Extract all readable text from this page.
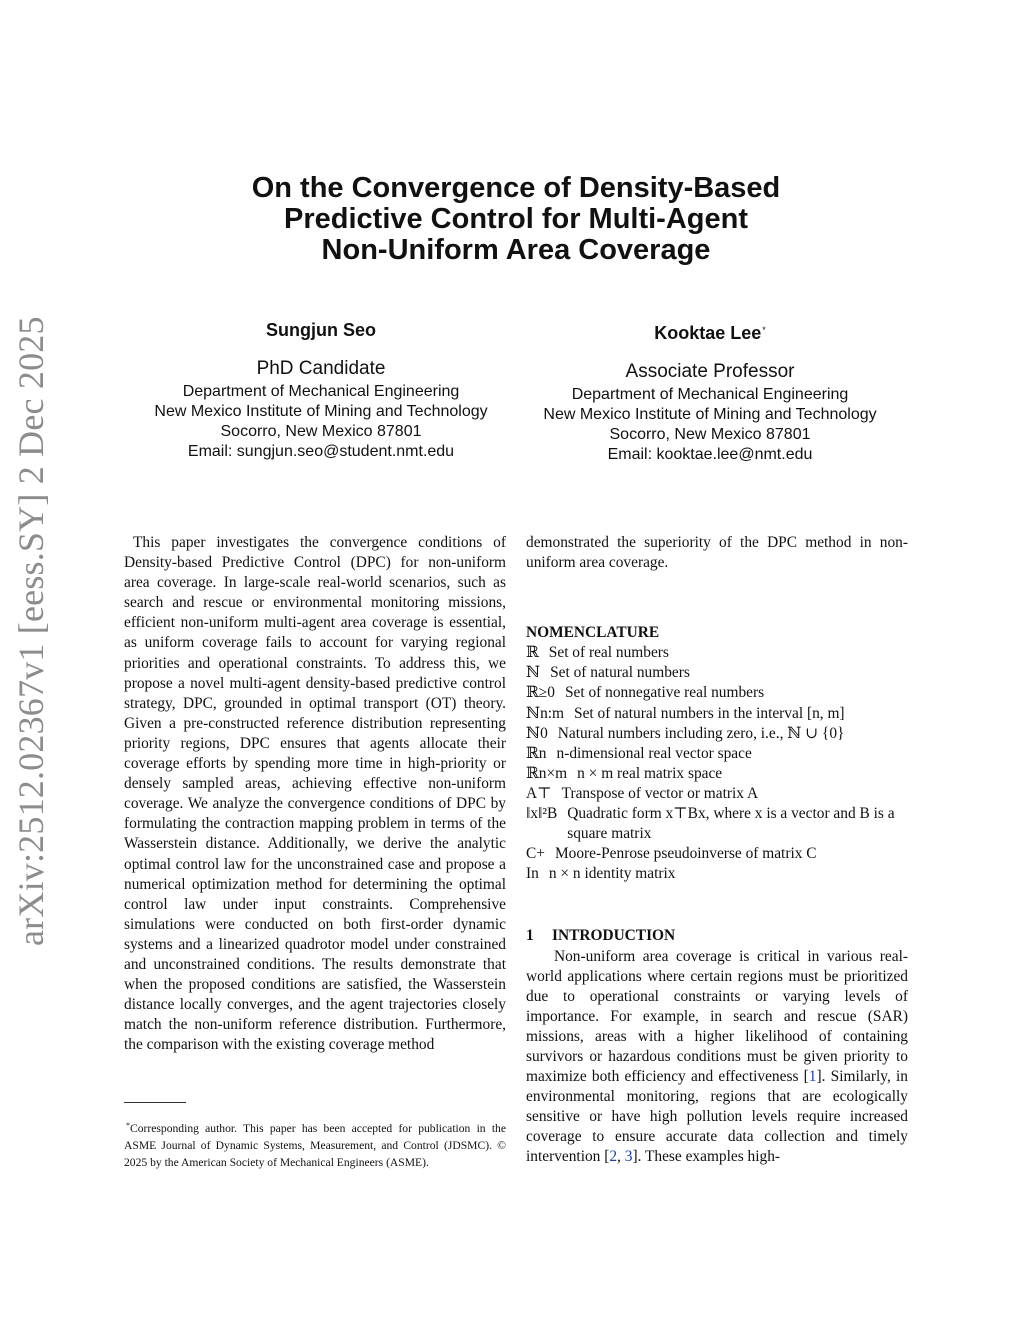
arXiv:2512.02367v1 [eess.SY] 2 Dec 2025
On the Convergence of Density-Based
Predictive Control for Multi-Agent
Non-Uniform Area Coverage
Sungjun Seo
PhD Candidate
Department of Mechanical Engineering
New Mexico Institute of Mining and Technology
Socorro, New Mexico 87801
Email: sungjun.seo@student.nmt.edu
Kooktae Lee*
Associate Professor
Department of Mechanical Engineering
New Mexico Institute of Mining and Technology
Socorro, New Mexico 87801
Email: kooktae.lee@nmt.edu

This paper investigates the convergence conditions of Density-based Predictive Control (DPC) for non-uniform area coverage. In large-scale real-world scenarios, such as search and rescue or environmental monitoring missions, efficient non-uniform multi-agent area coverage is essential, as uniform coverage fails to account for varying regional priorities and operational constraints. To address this, we propose a novel multi-agent density-based predictive control strategy, DPC, grounded in optimal transport (OT) theory. Given a pre-constructed reference distribution representing priority regions, DPC ensures that agents allocate their coverage efforts by spending more time in high-priority or densely sampled areas, achieving effective non-uniform coverage. We analyze the convergence conditions of DPC by formulating the contraction mapping problem in terms of the Wasserstein distance. Additionally, we derive the analytic optimal control law for the unconstrained case and propose a numerical optimization method for determining the optimal control law under input constraints. Comprehensive simulations were conducted on both first-order dynamic systems and a linearized quadrotor model under constrained and unconstrained conditions. The results demonstrate that when the proposed conditions are satisfied, the Wasserstein distance locally converges, and the agent trajectories closely match the non-uniform reference distribution. Furthermore, the comparison with the existing coverage method

demonstrated the superiority of the DPC method in non-uniform area coverage.

NOMENCLATURE
ℝ Set of real numbers
ℕ Set of natural numbers
ℝ≥0 Set of nonnegative real numbers
ℕn:m Set of natural numbers in the interval [n, m]
ℕ0 Natural numbers including zero, i.e., ℕ ∪ {0}
ℝn n-dimensional real vector space
ℝn×m n × m real matrix space
A⊤ Transpose of vector or matrix A
‖x‖²B Quadratic form x⊤Bx, where x is a vector and B is a square matrix
C+ Moore-Penrose pseudoinverse of matrix C
In n × n identity matrix
1 INTRODUCTION

Non-uniform area coverage is critical in various real-world applications where certain regions must be prioritized due to operational constraints or varying levels of importance. For example, in search and rescue (SAR) missions, areas with a higher likelihood of containing survivors or hazardous conditions must be given priority to maximize both efficiency and effectiveness [1]. Similarly, in environmental monitoring, regions that are ecologically sensitive or have high pollution levels require increased coverage to ensure accurate data collection and timely intervention [2, 3]. These examples high-

*Corresponding author. This paper has been accepted for publication in the ASME Journal of Dynamic Systems, Measurement, and Control (JDSMC). © 2025 by the American Society of Mechanical Engineers (ASME).
